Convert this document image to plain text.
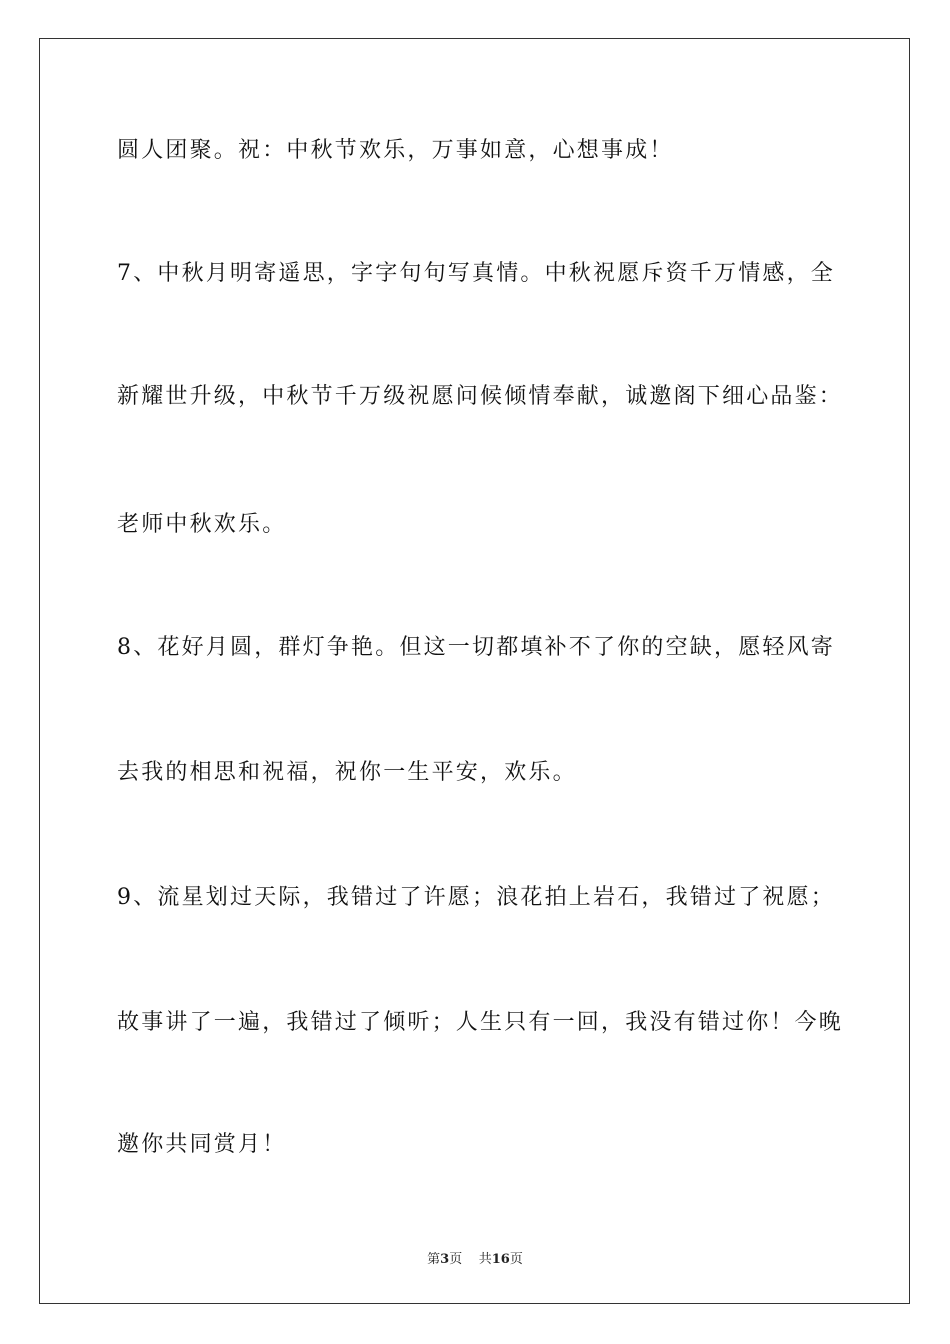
圆人团聚。祝：中秋节欢乐，万事如意，心想事成！
7、中秋月明寄遥思，字字句句写真情。中秋祝愿斥资千万情感，全
新耀世升级，中秋节千万级祝愿问候倾情奉献，诚邀阁下细心品鉴：
老师中秋欢乐。
8、花好月圆，群灯争艳。但这一切都填补不了你的空缺，愿轻风寄
去我的相思和祝福，祝你一生平安，欢乐。
9、流星划过天际，我错过了许愿；浪花拍上岩石，我错过了祝愿；
故事讲了一遍，我错过了倾听；人生只有一回，我没有错过你！今晚
邀你共同赏月！
第3页 共16页
